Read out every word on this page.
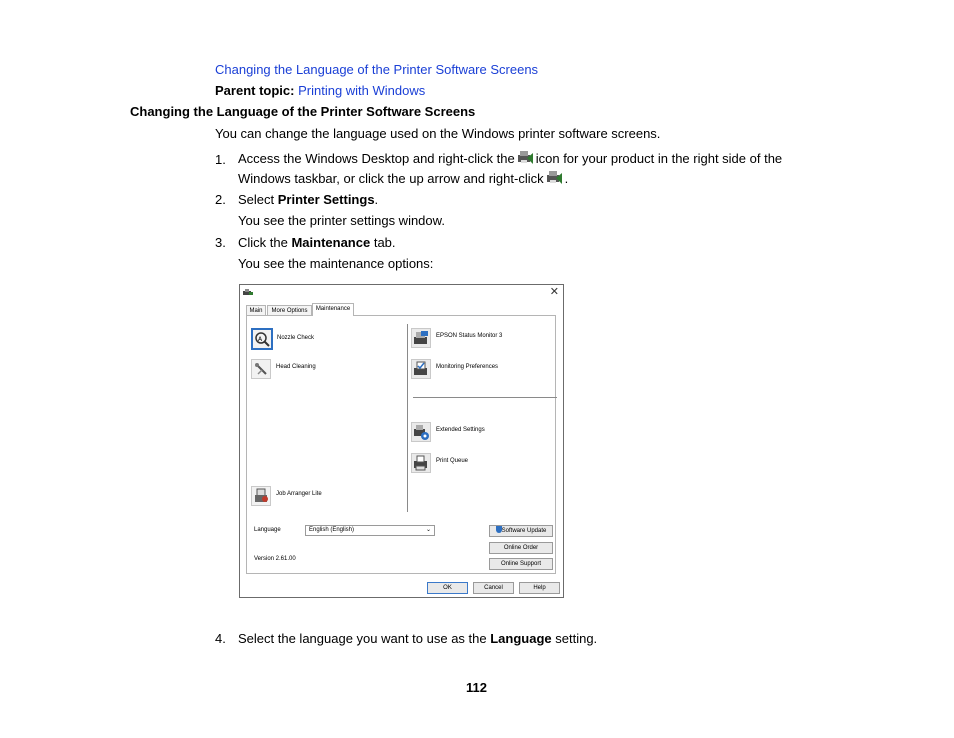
Changing the Language of the Printer Software Screens
Parent topic: Printing with Windows
Changing the Language of the Printer Software Screens
You can change the language used on the Windows printer software screens.
1. Access the Windows Desktop and right-click the icon for your product in the right side of the
Windows taskbar, or click the up arrow and right-click .
2. Select Printer Settings.
You see the printer settings window.
3. Click the Maintenance tab.
You see the maintenance options:
✕
Main	More Options	Maintenance
A Nozzle Check
Head Cleaning
Job Arranger Lite
EPSON Status Monitor 3
Monitoring Preferences
Extended Settings
Print Queue
Language	English (English)	⌄
Version 2.61.00
Software Update
Online Order
Online Support
OK	Cancel	Help
4. Select the language you want to use as the Language setting.
112
